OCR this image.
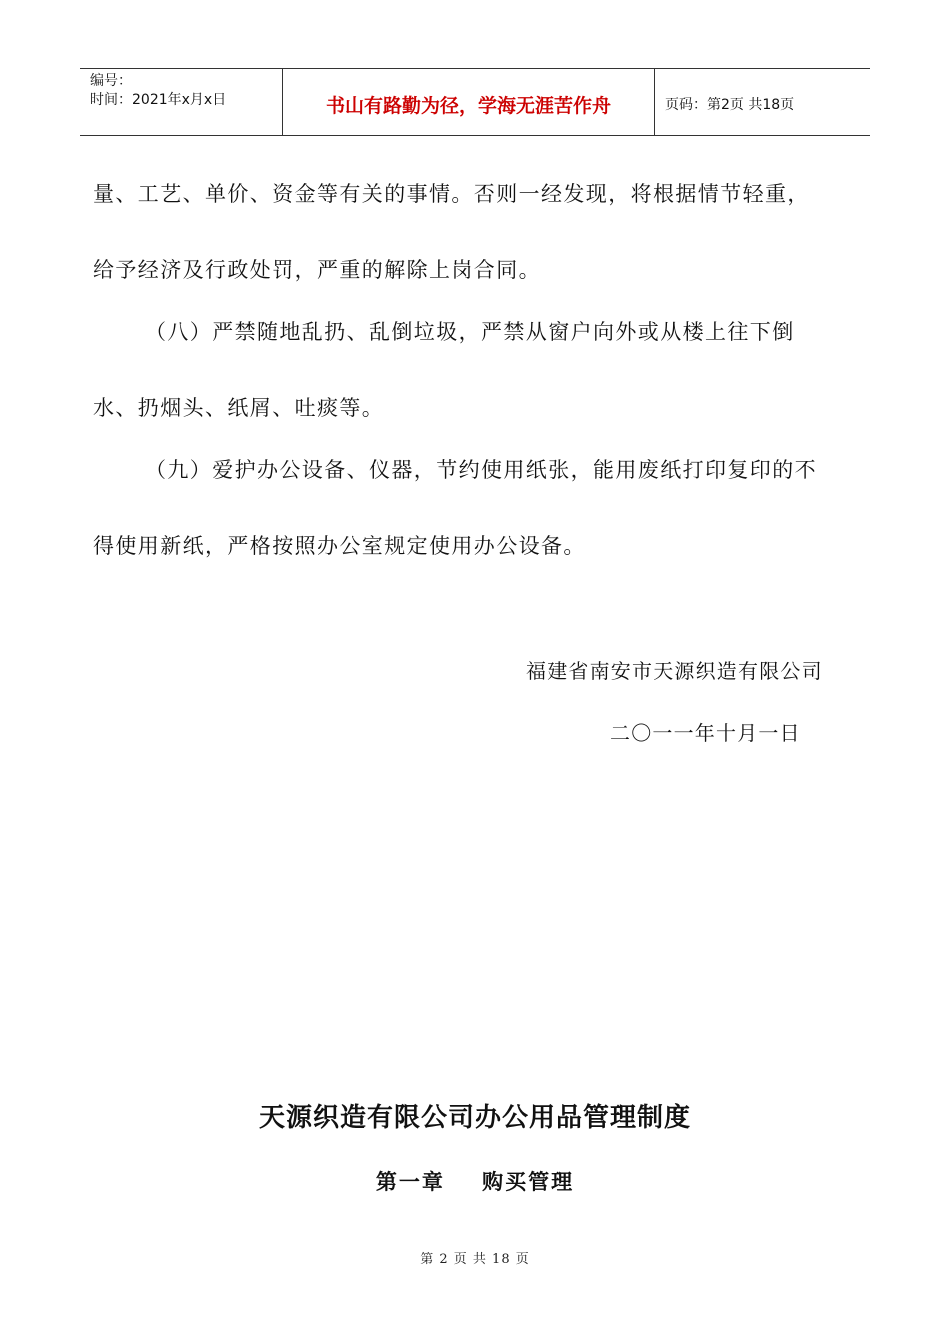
编号：
时间：2021年x月x日	书山有路勤为径，学海无涯苦作舟	页码：第2页 共18页
量、工艺、单价、资金等有关的事情。否则一经发现，将根据情节轻重，
给予经济及行政处罚，严重的解除上岗合同。
（八）严禁随地乱扔、乱倒垃圾，严禁从窗户向外或从楼上往下倒
水、扔烟头、纸屑、吐痰等。
（九）爱护办公设备、仪器，节约使用纸张，能用废纸打印复印的不
得使用新纸，严格按照办公室规定使用办公设备。
福建省南安市天源织造有限公司
二〇一一年十月一日
天源织造有限公司办公用品管理制度
第一章    购买管理
第 2 页 共 18 页
